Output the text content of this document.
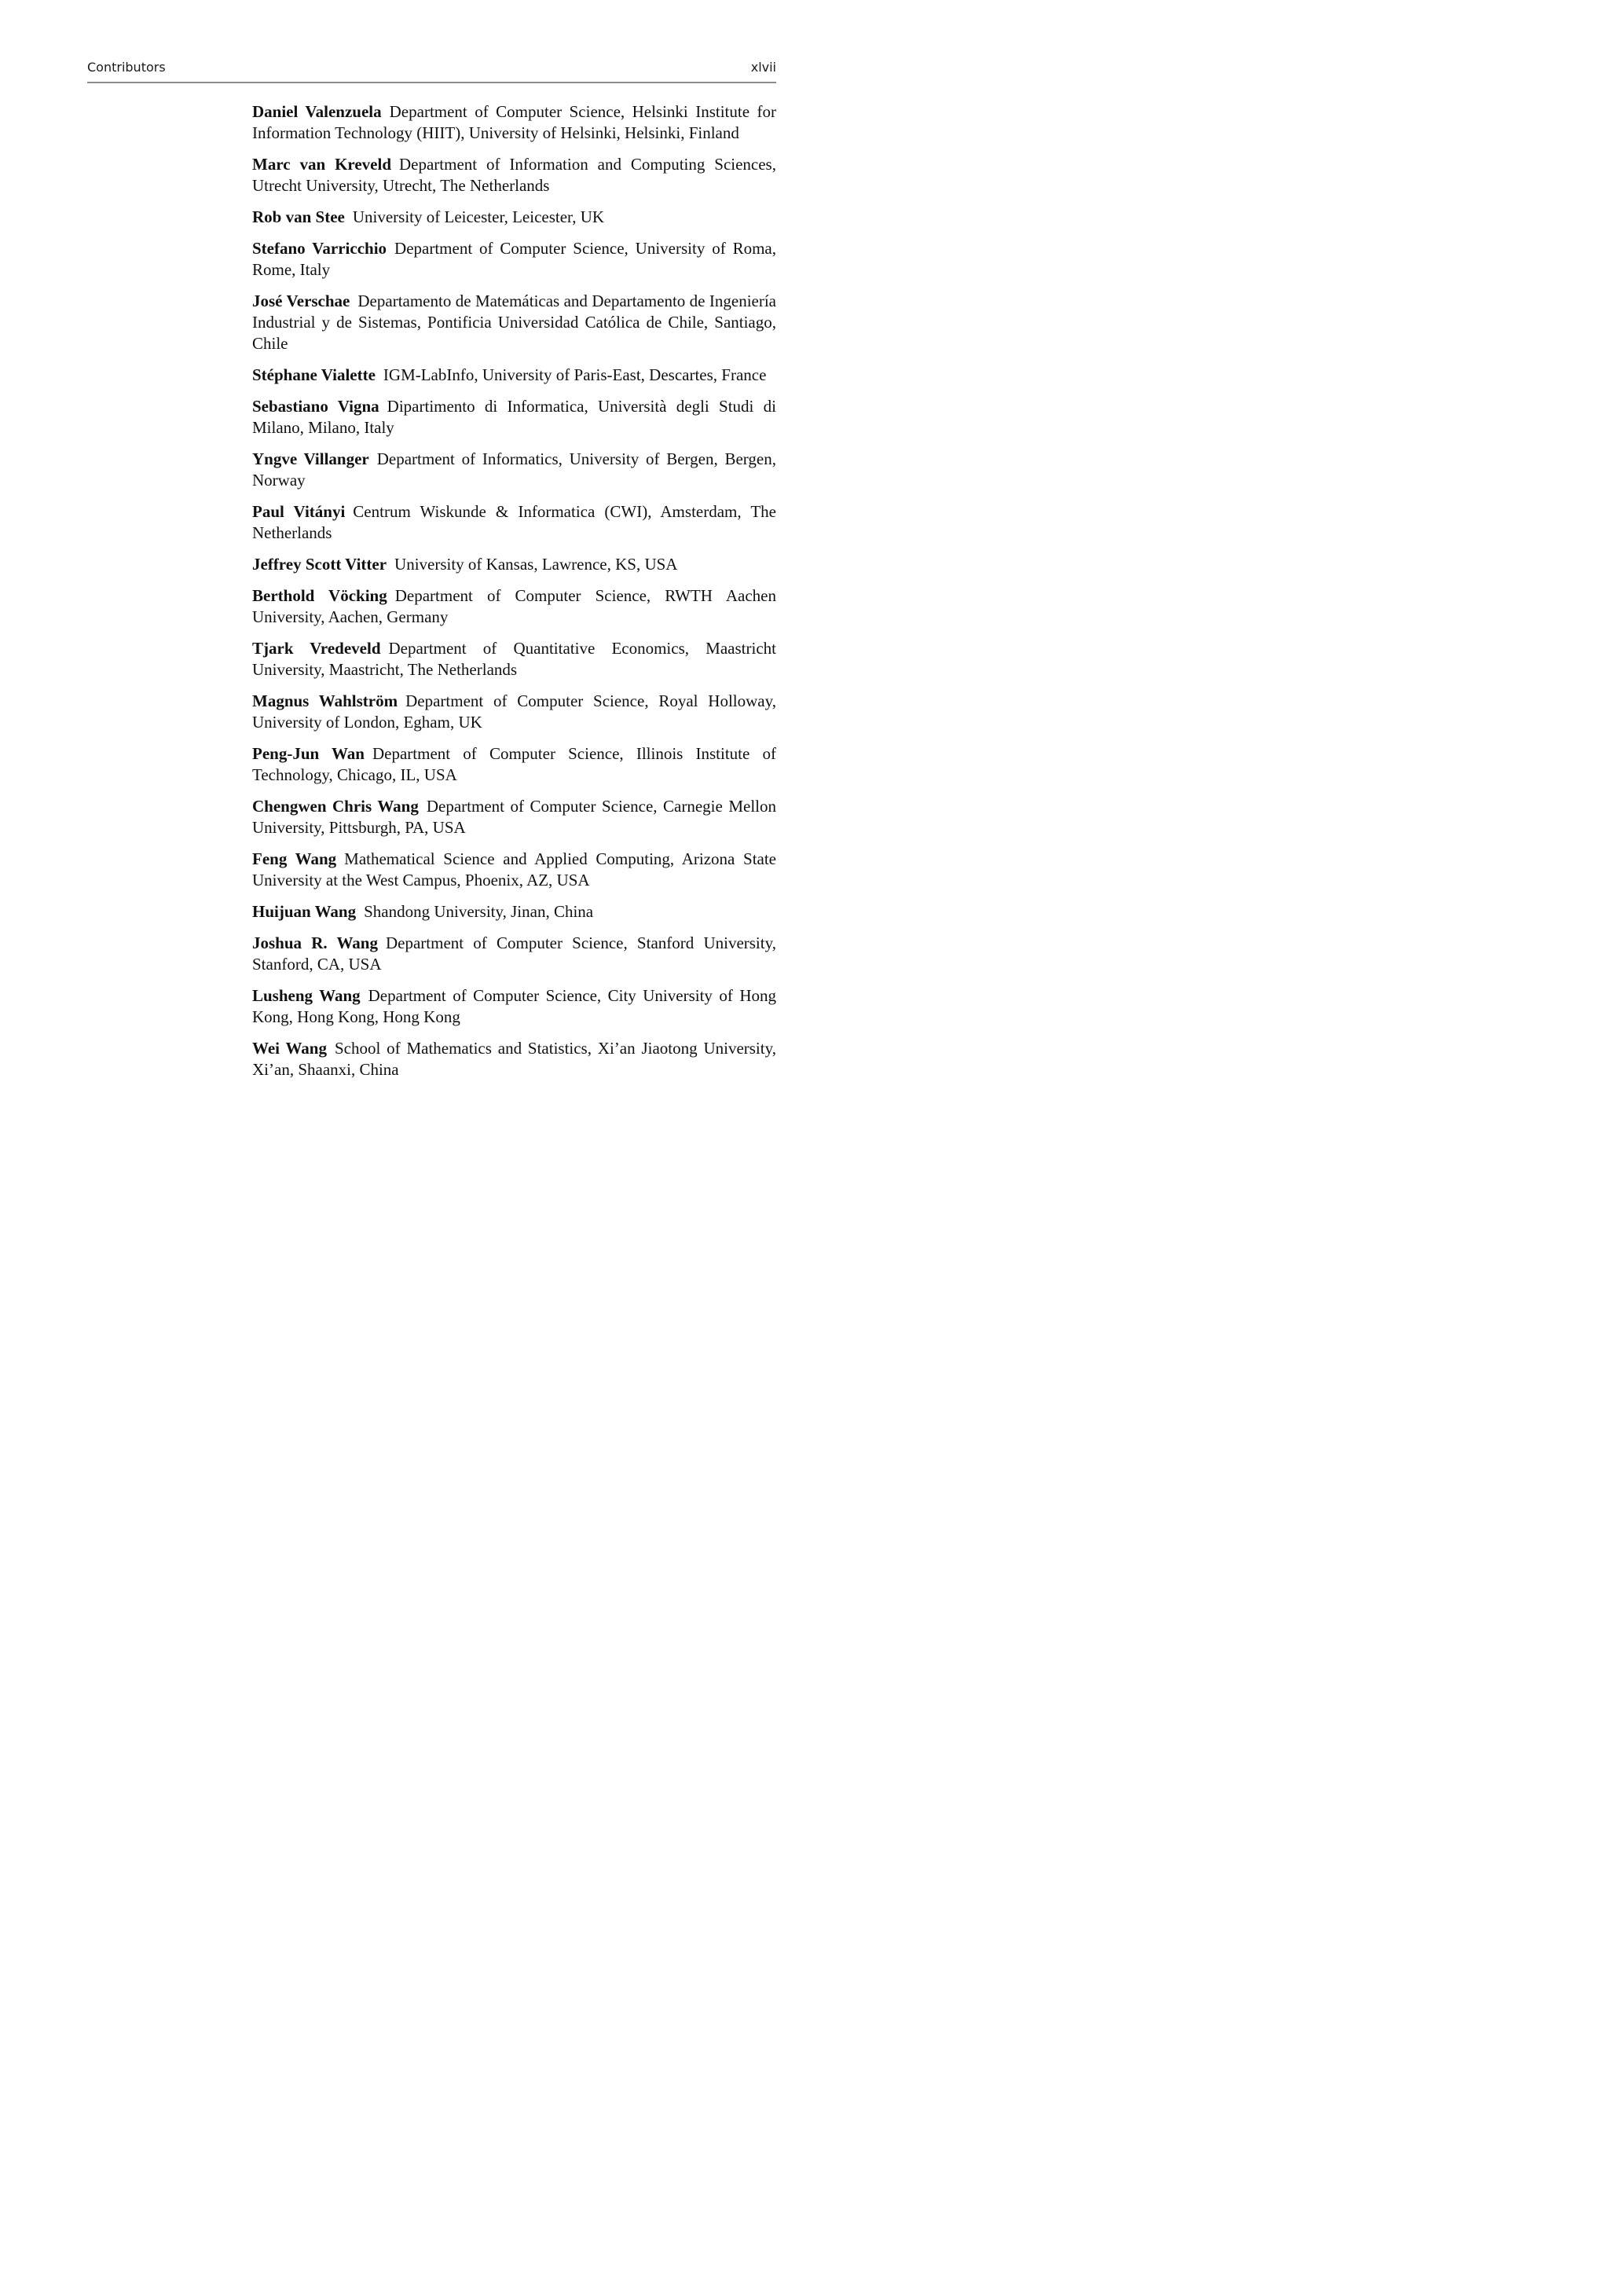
Contributors	xlvii
Daniel Valenzuela Department of Computer Science, Helsinki Institute for Information Technology (HIIT), University of Helsinki, Helsinki, Finland
Marc van Kreveld Department of Information and Computing Sciences, Utrecht University, Utrecht, The Netherlands
Rob van Stee University of Leicester, Leicester, UK
Stefano Varricchio Department of Computer Science, University of Roma, Rome, Italy
José Verschae Departamento de Matemáticas and Departamento de Ingeniería Industrial y de Sistemas, Pontificia Universidad Católica de Chile, Santiago, Chile
Stéphane Vialette IGM-LabInfo, University of Paris-East, Descartes, France
Sebastiano Vigna Dipartimento di Informatica, Università degli Studi di Milano, Milano, Italy
Yngve Villanger Department of Informatics, University of Bergen, Bergen, Norway
Paul Vitányi Centrum Wiskunde & Informatica (CWI), Amsterdam, The Netherlands
Jeffrey Scott Vitter University of Kansas, Lawrence, KS, USA
Berthold Vöcking Department of Computer Science, RWTH Aachen University, Aachen, Germany
Tjark Vredeveld Department of Quantitative Economics, Maastricht University, Maastricht, The Netherlands
Magnus Wahlström Department of Computer Science, Royal Holloway, University of London, Egham, UK
Peng-Jun Wan Department of Computer Science, Illinois Institute of Technology, Chicago, IL, USA
Chengwen Chris Wang Department of Computer Science, Carnegie Mellon University, Pittsburgh, PA, USA
Feng Wang Mathematical Science and Applied Computing, Arizona State University at the West Campus, Phoenix, AZ, USA
Huijuan Wang Shandong University, Jinan, China
Joshua R. Wang Department of Computer Science, Stanford University, Stanford, CA, USA
Lusheng Wang Department of Computer Science, City University of Hong Kong, Hong Kong, Hong Kong
Wei Wang School of Mathematics and Statistics, Xi’an Jiaotong University, Xi’an, Shaanxi, China
